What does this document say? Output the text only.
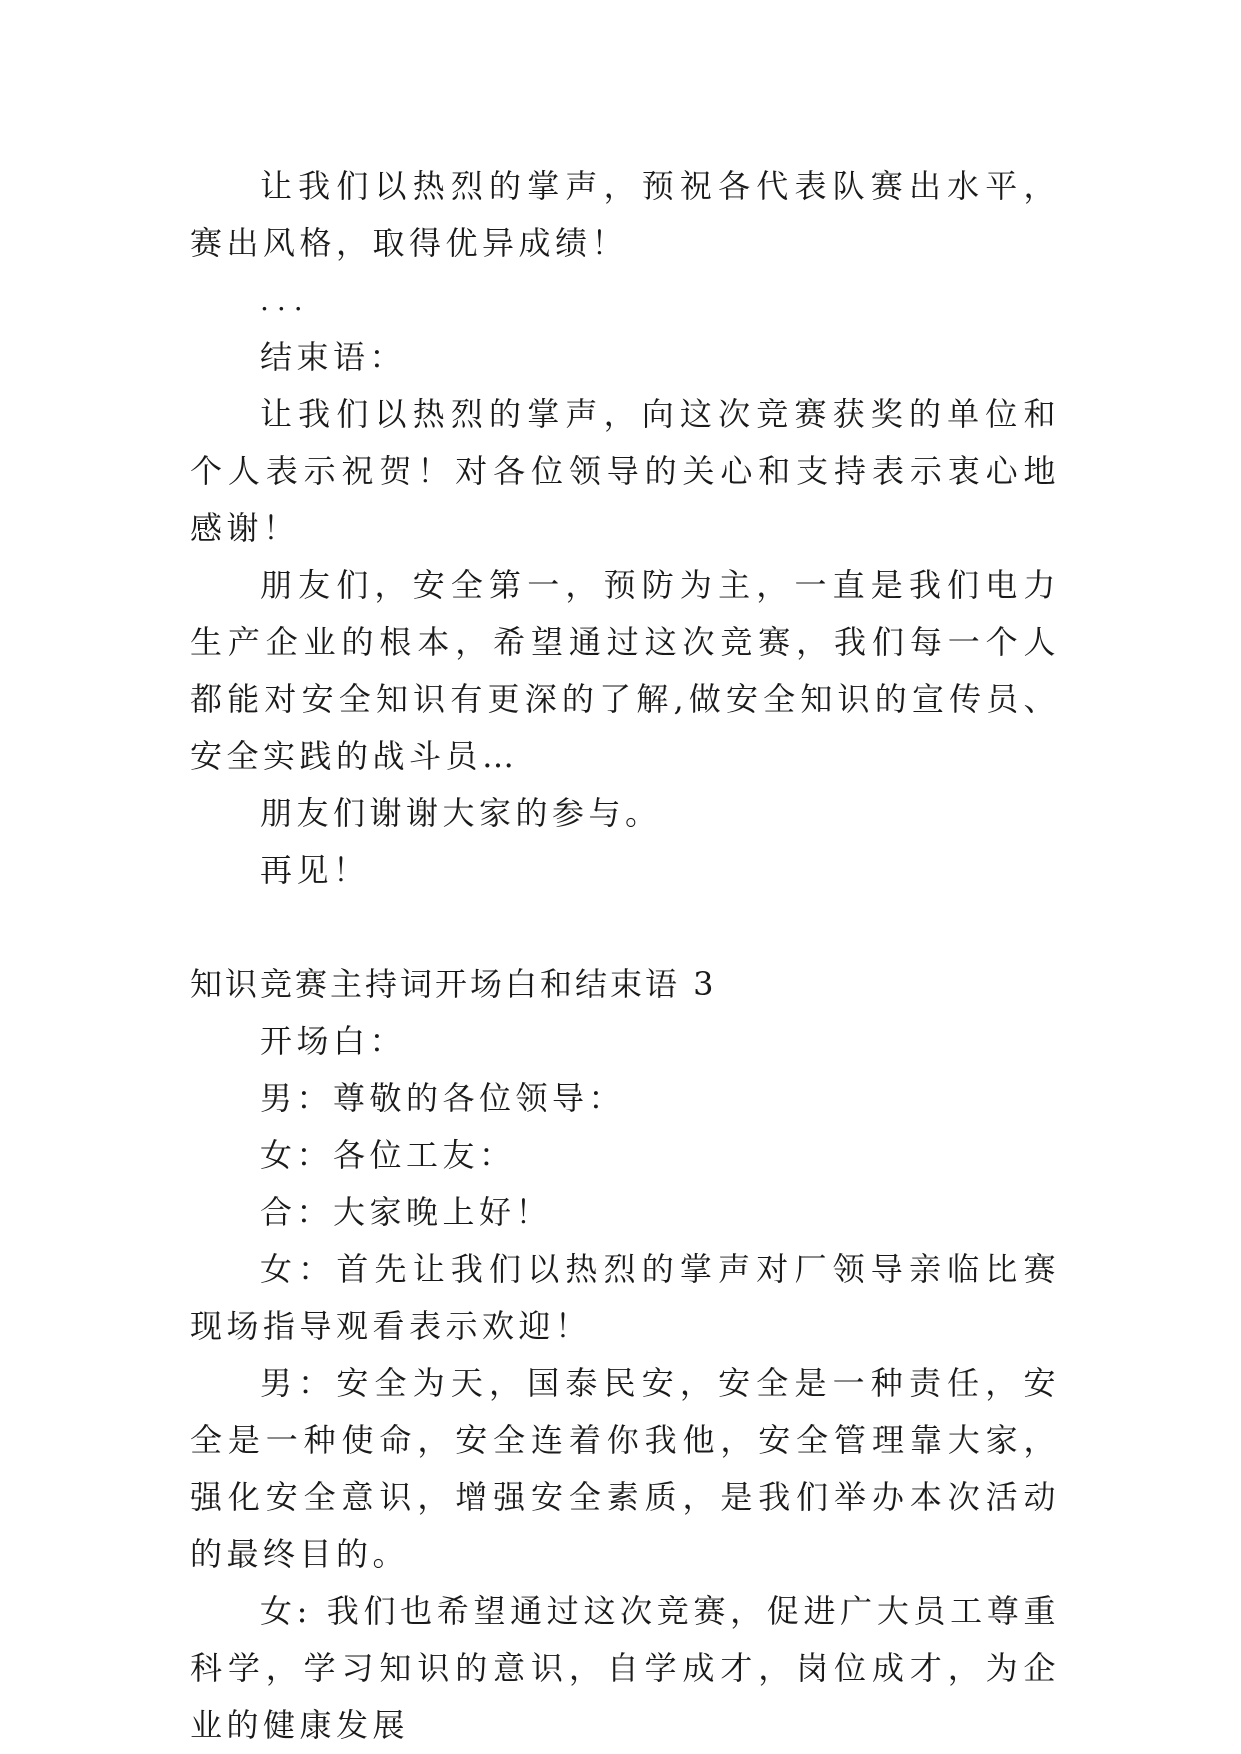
让我们以热烈的掌声，预祝各代表队赛出水平，赛出风格，取得优异成绩！

...

结束语：

让我们以热烈的掌声，向这次竞赛获奖的单位和个人表示祝贺！对各位领导的关心和支持表示衷心地感谢！

朋友们，安全第一，预防为主，一直是我们电力生产企业的根本，希望通过这次竞赛，我们每一个人都能对安全知识有更深的了解,做安全知识的宣传员、安全实践的战斗员…

朋友们谢谢大家的参与。

再见！

知识竞赛主持词开场白和结束语 3

开场白：

男：尊敬的各位领导：

女：各位工友：

合：大家晚上好！

女：首先让我们以热烈的掌声对厂领导亲临比赛现场指导观看表示欢迎！

男：安全为天，国泰民安，安全是一种责任，安全是一种使命，安全连着你我他，安全管理靠大家，强化安全意识，增强安全素质，是我们举办本次活动的最终目的。

女: 我们也希望通过这次竞赛，促进广大员工尊重科学，学习知识的意识，自学成才，岗位成才，为企业的健康发展
